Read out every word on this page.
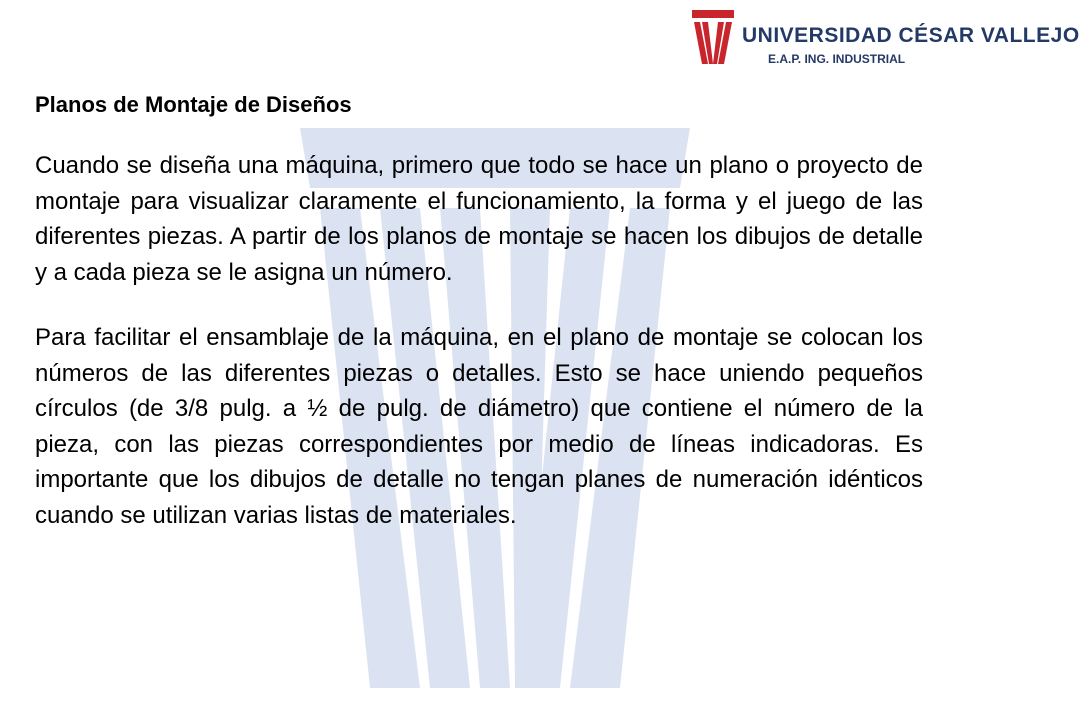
UNIVERSIDAD CÉSAR VALLEJO
E.A.P. ING. INDUSTRIAL
Planos de Montaje de Diseños

Cuando se diseña una máquina, primero que todo se hace un plano o proyecto de montaje para visualizar claramente el funcionamiento, la forma y el juego de las diferentes piezas. A partir de los planos de montaje se hacen los dibujos de detalle y a cada pieza se le asigna un número.

Para facilitar el ensamblaje de la máquina, en el plano de montaje se colocan los números de las diferentes piezas o detalles. Esto se hace uniendo pequeños círculos (de 3/8 pulg. a ½ de pulg. de diámetro) que contiene el número de la pieza, con las piezas correspondientes por medio de líneas indicadoras. Es importante que los dibujos de detalle no tengan planes de numeración idénticos cuando se utilizan varias listas de materiales.
